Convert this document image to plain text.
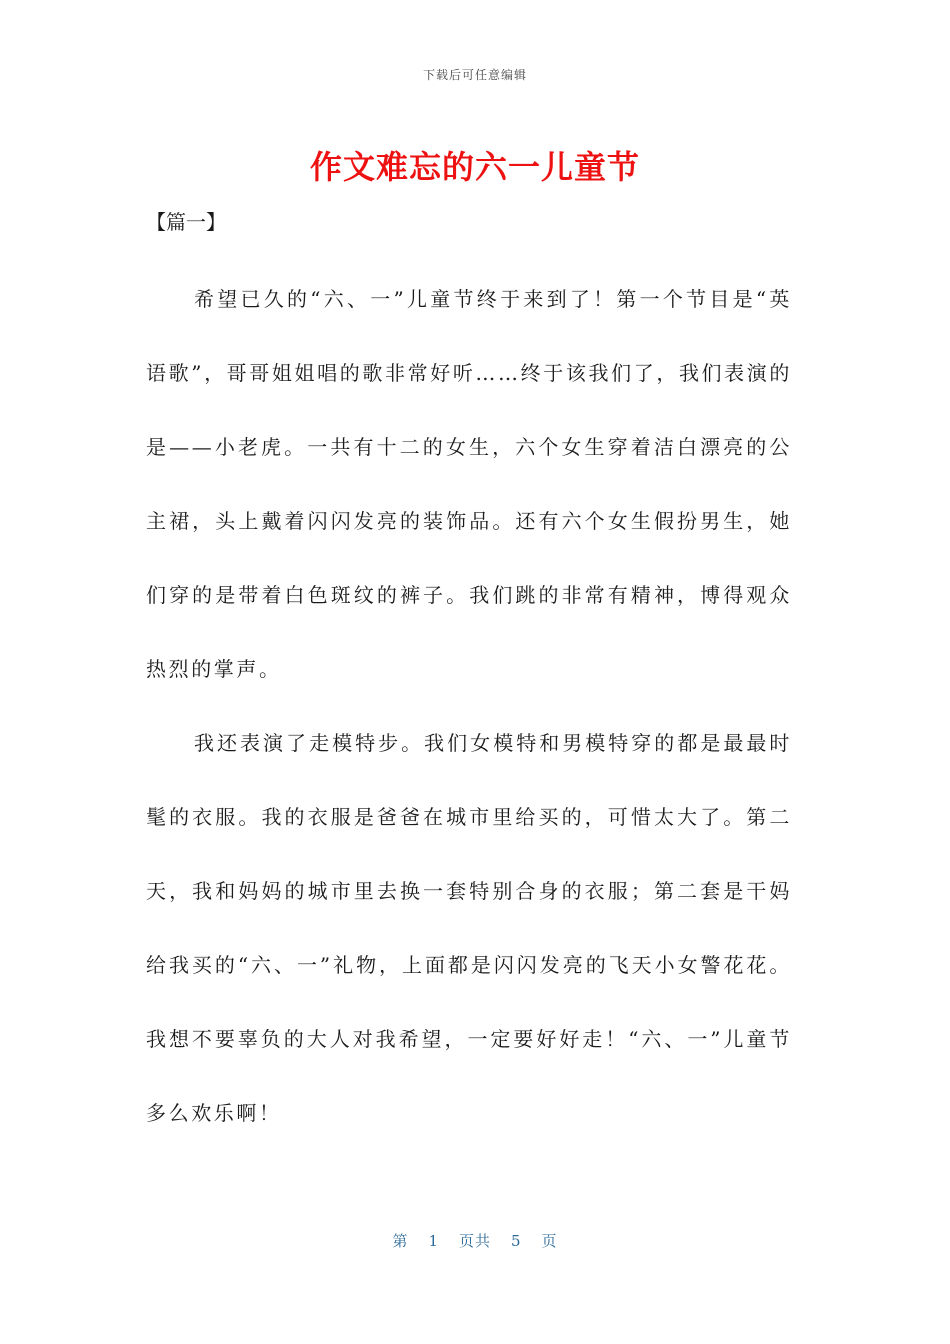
下载后可任意编辑
作文难忘的六一儿童节
【篇一】

希望已久的“六、一”儿童节终于来到了！第一个节目是“英语歌”，哥哥姐姐唱的歌非常好听……终于该我们了，我们表演的是——小老虎。一共有十二的女生，六个女生穿着洁白漂亮的公主裙，头上戴着闪闪发亮的装饰品。还有六个女生假扮男生，她们穿的是带着白色斑纹的裤子。我们跳的非常有精神，博得观众热烈的掌声。

我还表演了走模特步。我们女模特和男模特穿的都是最最时髦的衣服。我的衣服是爸爸在城市里给买的，可惜太大了。第二天，我和妈妈的城市里去换一套特别合身的衣服；第二套是干妈给我买的“六、一”礼物，上面都是闪闪发亮的飞天小女警花花。我想不要辜负的大人对我希望，一定要好好走！“六、一”儿童节多么欢乐啊！

第 1 页共 5 页
